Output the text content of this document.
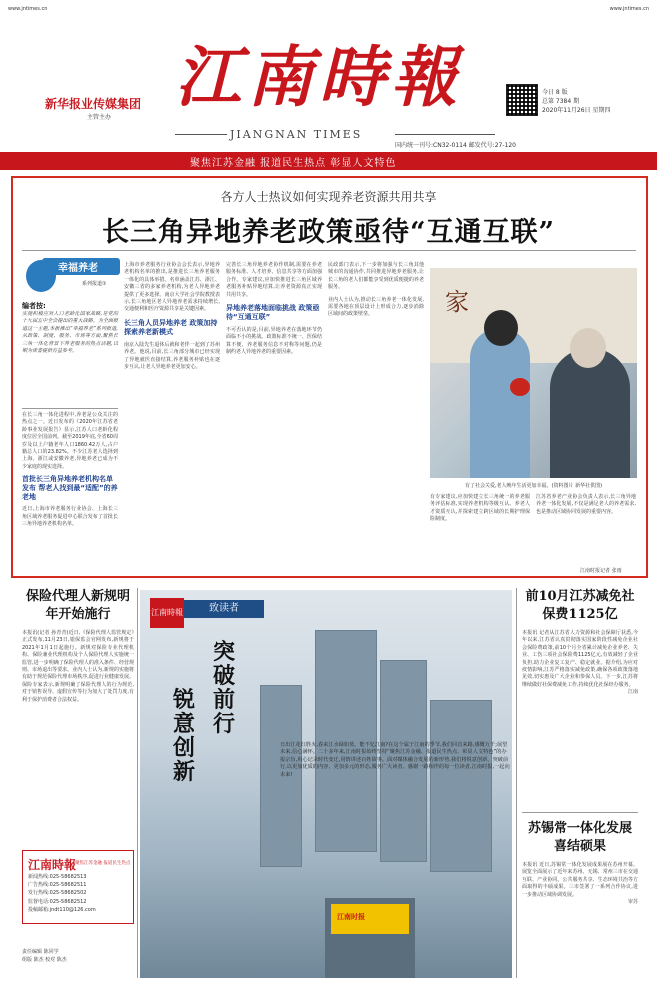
www.jntimes.cn	www.jntimes.cn
新华报业传媒集团
主管主办
江南時報
JIANGNAN TIMES
今日 8 版
总第 7384 期
2020年11月26日 星期四
国内统一刊号:CN32-0114 邮发代号:27-120
聚焦江苏金融 报道民生热点 彰显人文特色
各方人士热议如何实现养老资源共用共享
长三角异地养老政策亟待“互通互联”
幸福养老
系列报道①
编者按:
实施积极应对人口老龄化国家战略,是党的十九届五中全会提出的重大战略。为全面报道这一主题,本报推出“幸福养老”系列报道,从政策、制度、服务、市场等方面,聚焦长三角一体化背景下养老服务的热点话题,以期为读者提供有益参考。
在长三角一体化进程中,养老是公众关注的热点之一。近日发布的《2020年江苏省老龄事业发展报告》显示,江苏人口老龄化程度位居全国前列。截至2019年底,全省60周岁及以上户籍老年人口1860.42万人,占户籍总人口的23.82%。不少江苏老人选择到上海、浙江或安徽养老,异地养老已成为不少家庭的现实选择。
首批长三角异地养老机构名单发布 帮老人找到最“适配”的养老地
近日,上海市养老服务行业协会、上海长三角区域养老服务促进中心联合发布了首批长三角异地养老机构名单。
上海市养老服务行业协会会长表示,异地养老机构名单的推出,是推进长三角养老服务一体化的具体举措。名单涵盖江苏、浙江、安徽三省的多家养老机构,为老人异地养老提供了更多选择。南京大学社会学院教授表示,长三角地区老人异地养老需求持续增长,交通便利和医疗资源共享是关键因素。
长三角人员异地养老 政策加持探索养老新模式
南京入陆先生退休后就和老伴一起到了苏州养老。他说,目前,长三角部分城市已经实现了异地就医直接结算,养老服务补贴也在逐步互认,让老人异地养老更加安心。
完善长三角异地养老协作机制,需要在养老服务标准、人才培养、信息共享等方面加强合作。专家建议,应加快推进长三角区域养老服务补贴异地结算,让养老资源真正实现共用共享。
异地养老落地面临挑战 政策亟待“互通互联”
不可否认的是,目前,异地养老在落地环节仍面临不小的挑战。政策标准不统一、医保结算不便、养老服务信息不对称等问题,仍是制约老人异地养老的重要因素。
民政部门表示,下一步将加强与长三角其他城市的沟通协作,共同推进异地养老服务,让长三角的老人们都能享受到优质便捷的养老服务。
业内人士认为,推动长三角养老一体化发展,需要各地在顶层设计上形成合力,逐步消除区域间的政策壁垒。	家
有了社会关爱,老人晚年生活更加幸福。(资料图片 新华社供图)
有专家建议,应加快建立长三角统一的养老服务评估标准,实现养老机构等级互认、养老人才资质互认,并探索建立跨区域的长期护理保险制度。
江苏省养老产业协会负责人表示,长三角异地养老一体化发展,不仅是满足老人的养老需求,也是推动区域协同发展的重要内容。
江南时报记者 张雨
保险代理人新规明年开始施行
本报讯(记者 孙青青)近日,《保险代理人监管规定》正式发布,11月23日,银保监会官网发布,新规将于2021年1月1日起施行。新规对保险专业代理机构、保险兼业代理机构及个人保险代理人实施统一监管,进一步明确了保险代理人的准入条件、经营规则、市场退出等要求。业内人士认为,新规的实施将有助于规范保险代理市场秩序,促进行业健康发展。保险专家表示,新规明确了保险代理人的行为规范,对于销售误导、虚假宣传等行为加大了处罚力度,有利于保护消费者合法权益。
江南時報
聚焦江苏金融 报道民生热点
新闻热线:025-58682513
广告热线:025-58682511
发行热线:025-58682502
监督电话:025-58682512
投稿邮箱:jndt110@126.com
责任编辑 陈同学
组版 陈杰 校对 陈杰
江南時報	致读者
锐意创新
突破前行
日出江花红胜火,春来江水绿如蓝。能不忆江南?在这个属于江南的季节,我们回首来路,感慨万千;展望未来,信心满怀。二十多年来,江南时报始终坚持“聚焦江苏金融、报道民生热点、彰显人文特色”的办报宗旨,用心记录时代变迁,用情讲述百姓故事。面对媒体融合发展的新形势,我们将锐意创新、突破前行,以更加优质的内容、更加多元的形态,服务广大读者。感谢一路相伴的每一位读者,江南时报,一起向未来!
江南时报
前10月江苏减免社保费1125亿
本报讯 记者从江苏省人力资源和社会保障厅获悉,今年以来,江苏省认真贯彻落实国家阶段性减免企业社会保险费政策,前10个月全省累计减免企业养老、失业、工伤三项社会保险费1125亿元,有效减轻了企业负担,助力企业复工复产、稳定就业。据介绍,为应对疫情影响,江苏严格落实减免政策,确保各项政策落地见效,切实惠及广大企业和参保人员。下一步,江苏将继续做好社保费减免工作,持续优化社保经办服务。
江南
苏锡常一体化发展喜结硕果
本报讯 近日,苏锡常一体化发展成果展在苏州开幕。展览全面展示了近年来苏州、无锡、常州三市在交通互联、产业协同、公共服务共享、生态环境共治等方面取得的丰硕成果。三市签署了一系列合作协议,进一步推动区域协调发展。
审苏
